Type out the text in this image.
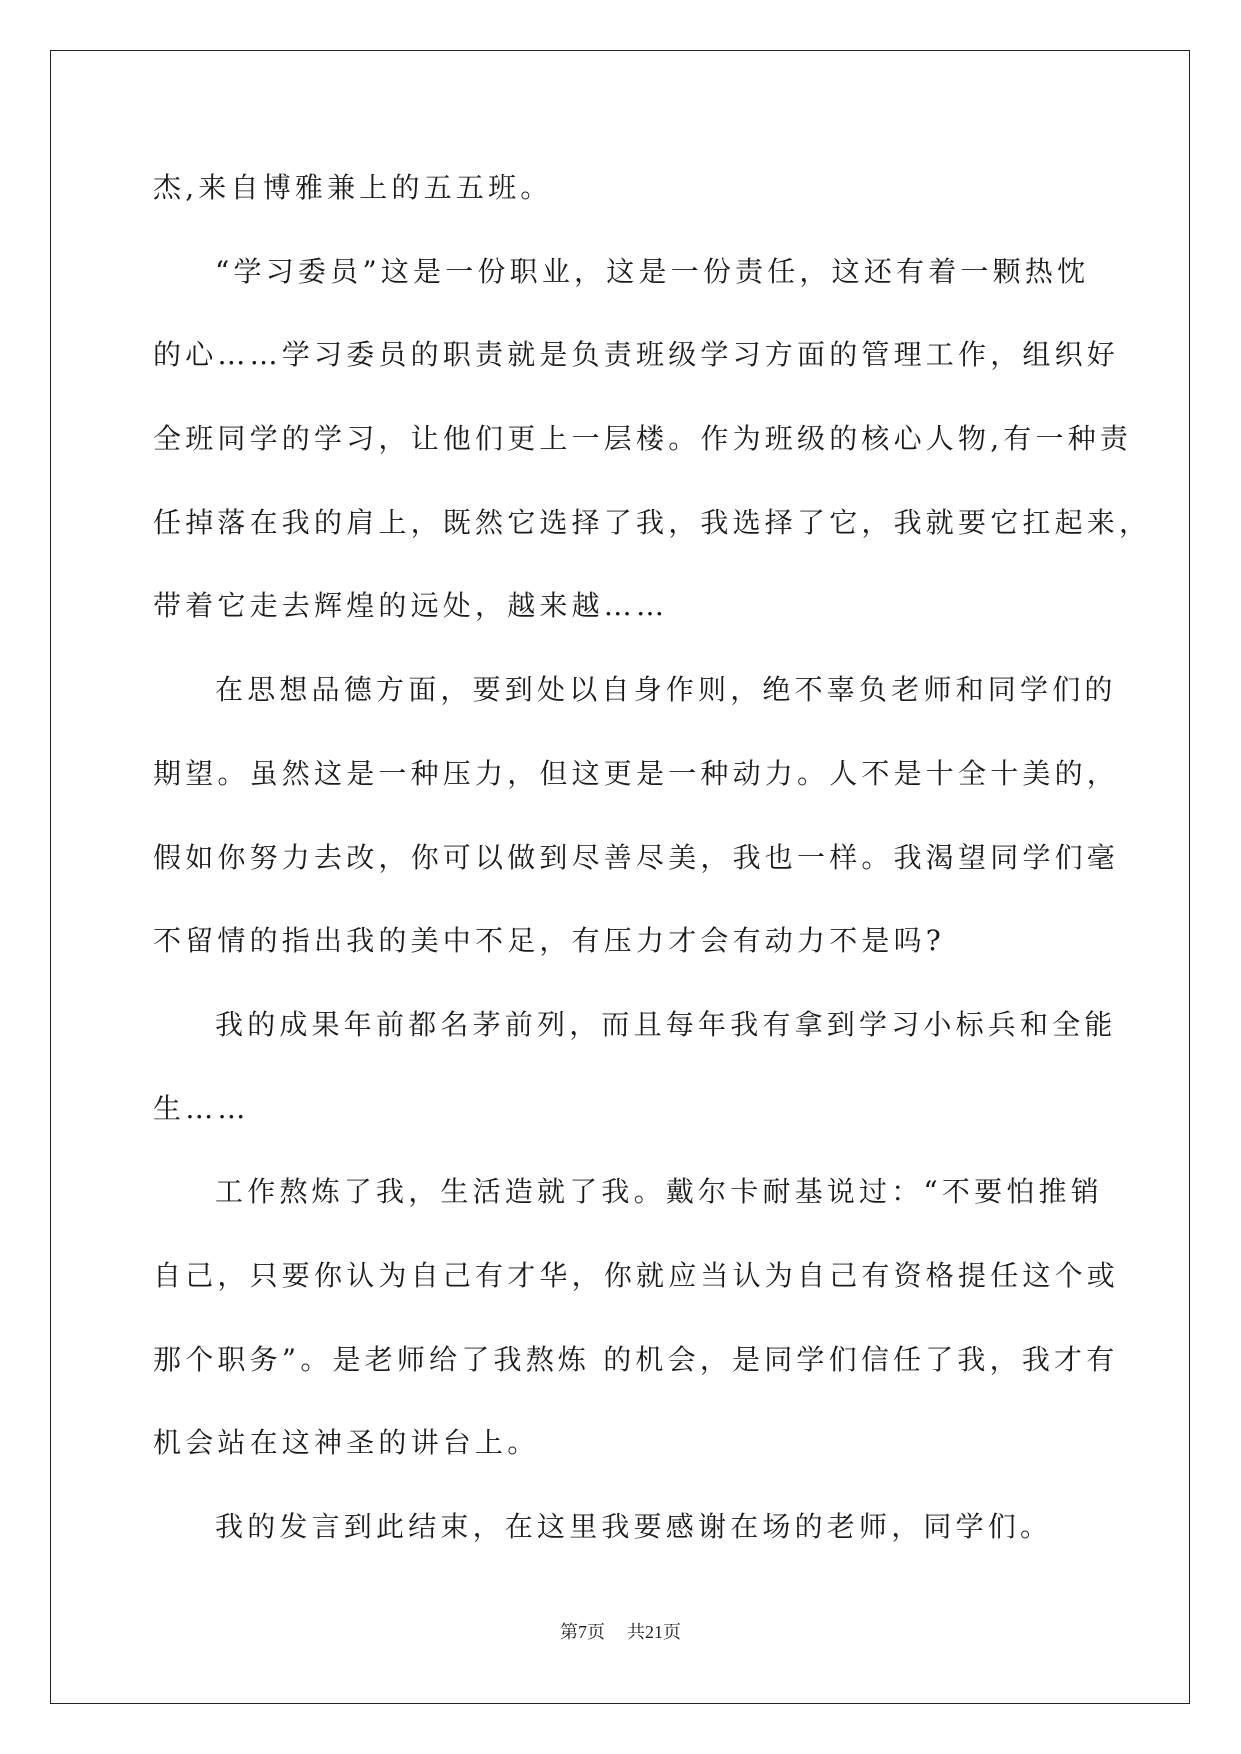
杰,来自博雅兼上的五五班。
“学习委员”这是一份职业，这是一份责任，这还有着一颗热忱
的心……学习委员的职责就是负责班级学习方面的管理工作，组织好
全班同学的学习，让他们更上一层楼。作为班级的核心人物,有一种责
任掉落在我的肩上，既然它选择了我，我选择了它，我就要它扛起来，
带着它走去辉煌的远处，越来越……
在思想品德方面，要到处以自身作则，绝不辜负老师和同学们的
期望。虽然这是一种压力，但这更是一种动力。人不是十全十美的，
假如你努力去改，你可以做到尽善尽美，我也一样。我渴望同学们毫
不留情的指出我的美中不足，有压力才会有动力不是吗?
我的成果年前都名茅前列，而且每年我有拿到学习小标兵和全能
生……
工作熬炼了我，生活造就了我。戴尔卡耐基说过：“不要怕推销
自己，只要你认为自己有才华，你就应当认为自己有资格提任这个或
那个职务”。是老师给了我熬炼 的机会，是同学们信任了我，我才有
机会站在这神圣的讲台上。
我的发言到此结束，在这里我要感谢在场的老师，同学们。
第7页 共21页
